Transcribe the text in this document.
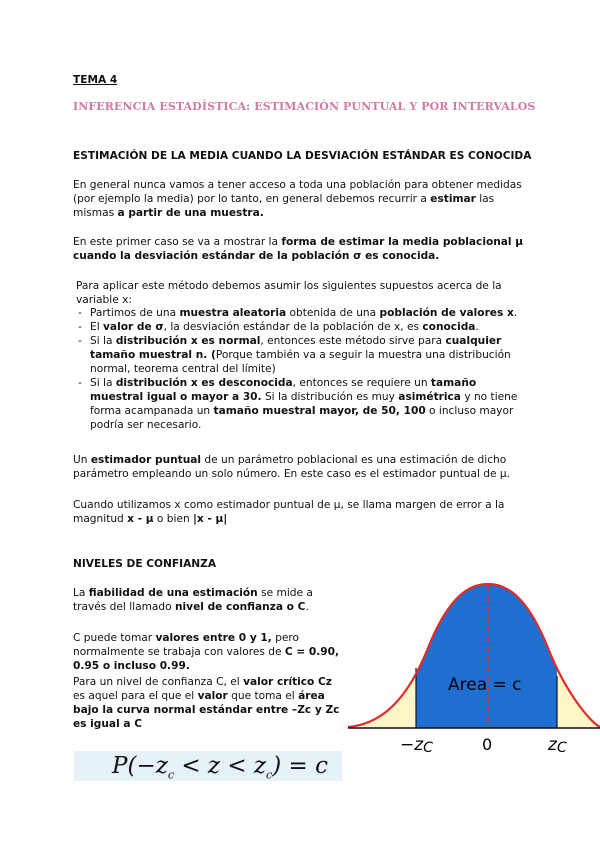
TEMA 4

INFERENCIA ESTADÍSTICA: ESTIMACIÓN PUNTUAL Y POR INTERVALOS

ESTIMACIÓN DE LA MEDIA CUANDO LA DESVIACIÓN ESTÁNDAR ES CONOCIDA

En general nunca vamos a tener acceso a toda una población para obtener medidas (por ejemplo la media) por lo tanto, en general debemos recurrir a estimar las mismas a partir de una muestra.

En este primer caso se va a mostrar la forma de estimar la media poblacional μ cuando la desviación estándar de la población σ es conocida.

Para aplicar este método debemos asumir los siguientes supuestos acerca de la variable x:

- Partimos de una muestra aleatoria obtenida de una población de valores x.
- El valor de σ, la desviación estándar de la población de x, es conocida.
- Si la distribución x es normal, entonces este método sirve para cualquier tamaño muestral n. (Porque también va a seguir la muestra una distribución normal, teorema central del límite)
- Si la distribución x es desconocida, entonces se requiere un tamaño muestral igual o mayor a 30. Si la distribución es muy asimétrica y no tiene forma acampanada un tamaño muestral mayor, de 50, 100 o incluso mayor podría ser necesario.

Un estimador puntual de un parámetro poblacional es una estimación de dicho parámetro empleando un solo número. En este caso es el estimador puntual de μ.

Cuando utilizamos x como estimador puntual de μ, se llama margen de error a la magnitud x - μ o bien |x - μ|

NIVELES DE CONFIANZA

La fiabilidad de una estimación se mide a través del llamado nivel de confianza o C.

C puede tomar valores entre 0 y 1, pero normalmente se trabaja con valores de C = 0.90, 0.95 o incluso 0.99.

Para un nivel de confianza C, el valor crítico Cz es aquel para el que el valor que toma el área bajo la curva normal estándar entre –Zc y Zc es igual a C

$P(-z_c < z < z_c) = c$
Area = c
−zC	0	zC
